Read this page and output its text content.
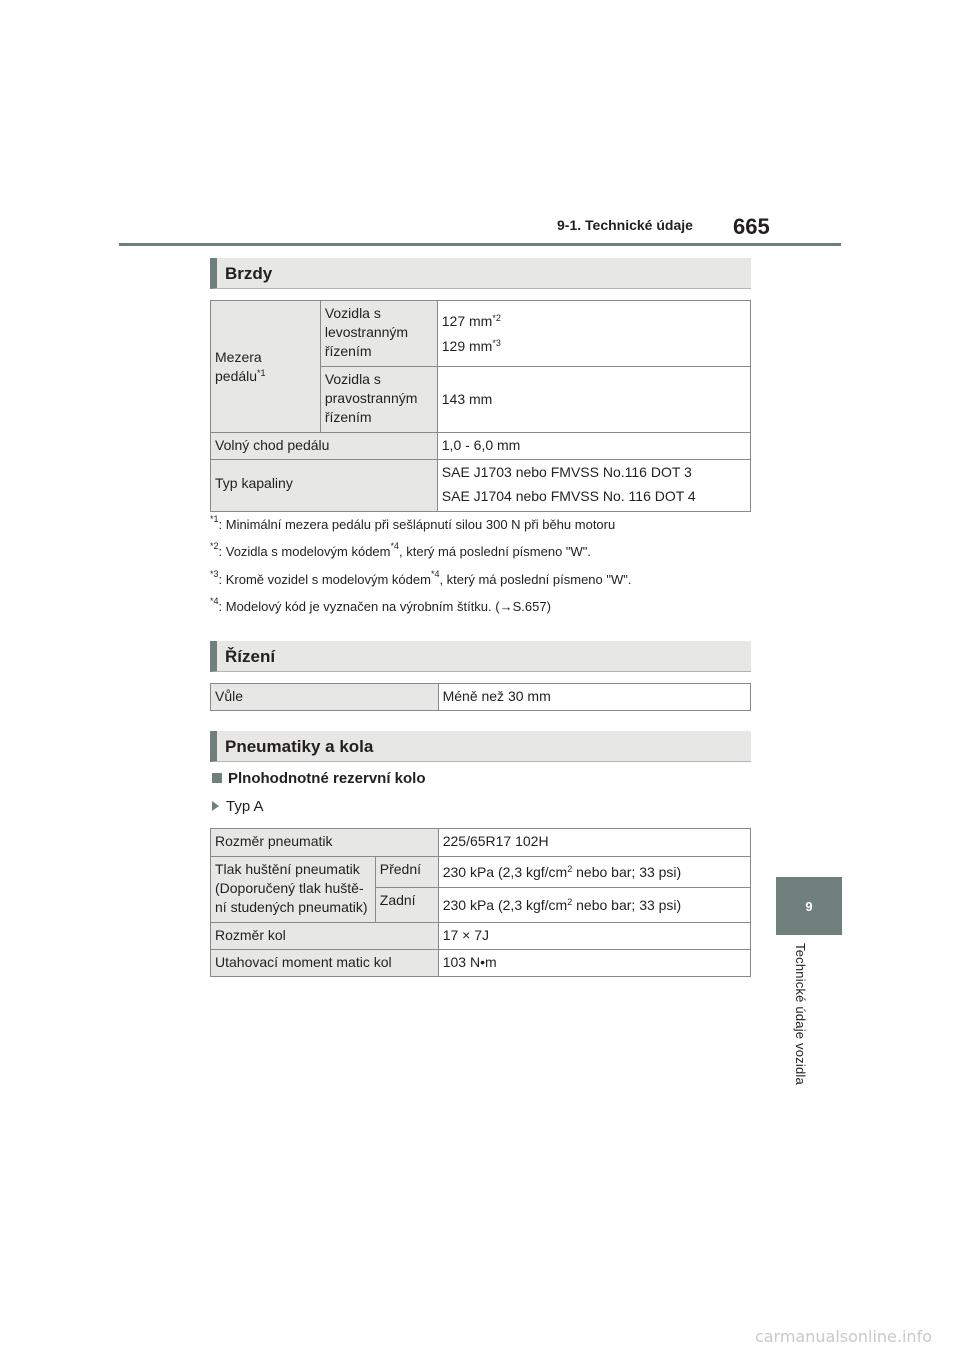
9-1. Technické údaje 665
9
Technické údaje vozidla
Brzdy
Mezera pedálu$^{*1}$	Vozidla s levostranným řízením	127 $mm^{*2}$
129 $mm^{*3}$

	Vozidla s pravostranným řízením	143 mm
Volný chod pedálu		1,0 - 6,0 mm
Typ kapaliny		SAE J1703 nebo FMVSS No.116 DOT 3
SAE J1704 nebo FMVSS No. 116 DOT 4
$^{*1}$: Minimální mezera pedálu při sešlápnutí silou 300 N při běhu motoru
$^{*2}$: Vozidla s modelovým kódem$^{*4}$, který má poslední písmeno "W".
$^{*3}$: Kromě vozidel s modelovým kódem$^{*4}$, který má poslední písmeno "W".
$^{*4}$: Modelový kód je vyznačen na výrobním štítku. (→S.657)
Řízení
Vůle	Méně než 30 mm
Pneumatiky a kola
Plnohodnotné rezervní kolo
Typ A
Rozměr pneumatik		225/65R17 102H
Tlak huštění pneumatik (Doporučený tlak huště-ní studených pneumatik)	Přední	230 kPa (2,3 kgf/$cm^2$ nebo bar; 33 psi)
	Zadní	230 kPa (2,3 kgf/$cm^2$ nebo bar; 33 psi)
Rozměr kol		17 × 7J
Utahovací moment matic kol		103 N•m
carmanualsonline.info
